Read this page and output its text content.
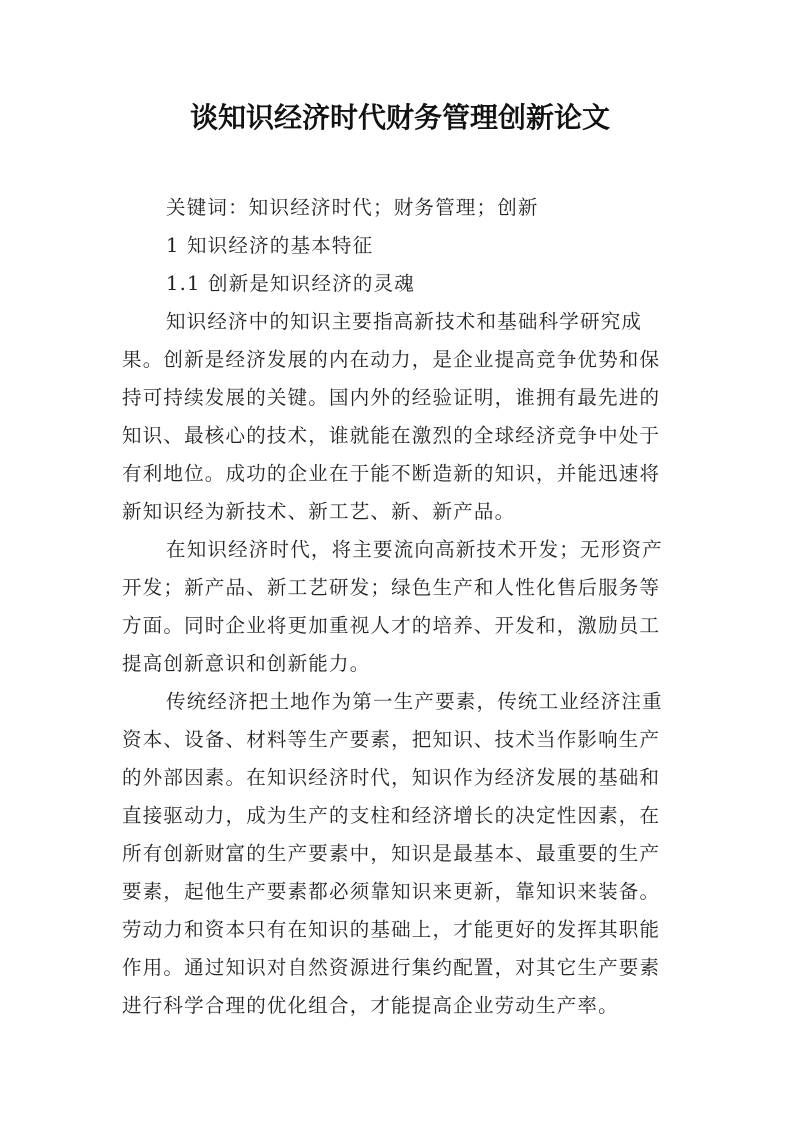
谈知识经济时代财务管理创新论文
关键词：知识经济时代；财务管理；创新
1 知识经济的基本特征
1.1 创新是知识经济的灵魂
知识经济中的知识主要指高新技术和基础科学研究成
果。创新是经济发展的内在动力，是企业提高竞争优势和保
持可持续发展的关键。国内外的经验证明，谁拥有最先进的
知识、最核心的技术，谁就能在激烈的全球经济竞争中处于
有利地位。成功的企业在于能不断造新的知识，并能迅速将
新知识经为新技术、新工艺、新、新产品。
在知识经济时代，将主要流向高新技术开发；无形资产
开发；新产品、新工艺研发；绿色生产和人性化售后服务等
方面。同时企业将更加重视人才的培养、开发和，激励员工
提高创新意识和创新能力。
传统经济把土地作为第一生产要素，传统工业经济注重
资本、设备、材料等生产要素，把知识、技术当作影响生产
的外部因素。在知识经济时代，知识作为经济发展的基础和
直接驱动力，成为生产的支柱和经济增长的决定性因素，在
所有创新财富的生产要素中，知识是最基本、最重要的生产
要素，起他生产要素都必须靠知识来更新，靠知识来装备。
劳动力和资本只有在知识的基础上，才能更好的发挥其职能
作用。通过知识对自然资源进行集约配置，对其它生产要素
进行科学合理的优化组合，才能提高企业劳动生产率。
